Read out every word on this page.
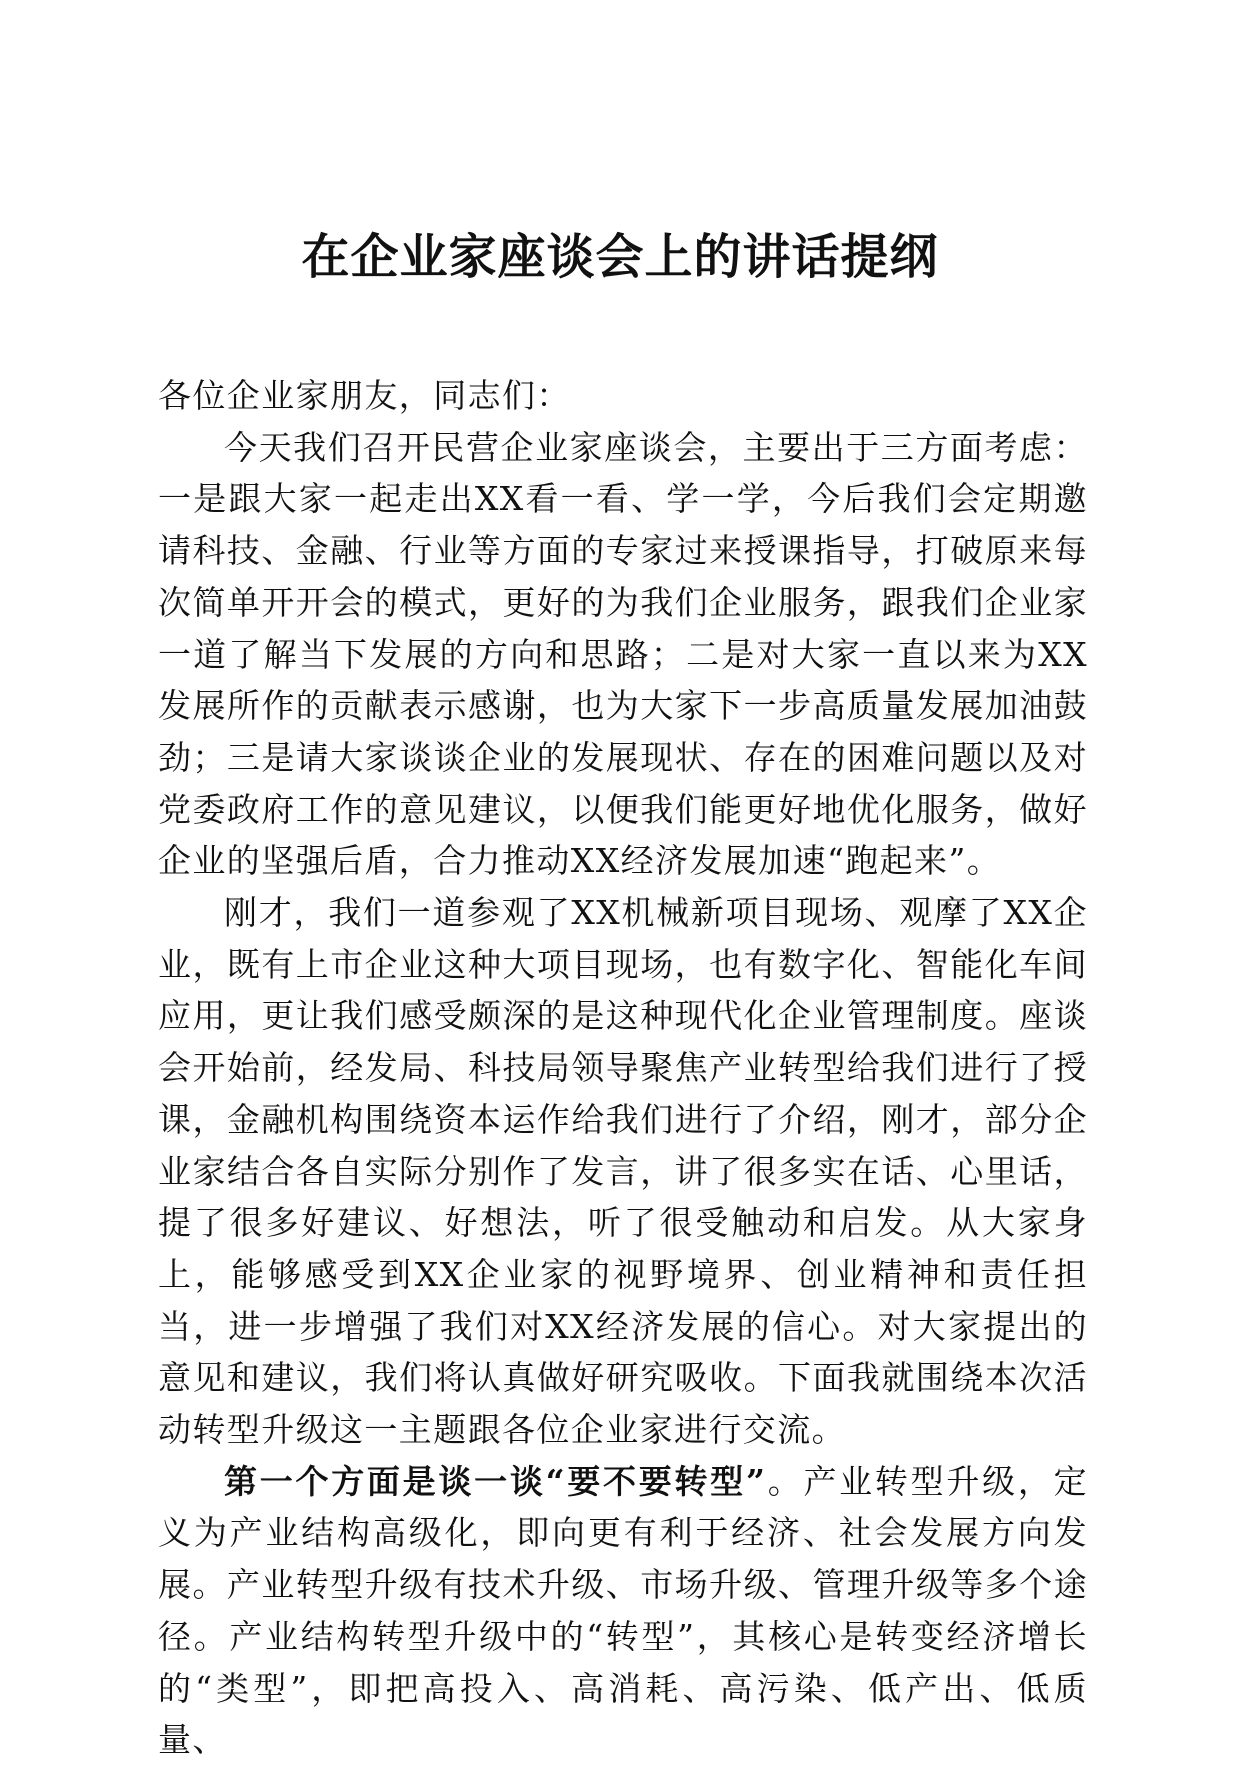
在企业家座谈会上的讲话提纲

各位企业家朋友，同志们：

今天我们召开民营企业家座谈会，主要出于三方面考虑：一是跟大家一起走出XX看一看、学一学，今后我们会定期邀请科技、金融、行业等方面的专家过来授课指导，打破原来每次简单开开会的模式，更好的为我们企业服务，跟我们企业家一道了解当下发展的方向和思路；二是对大家一直以来为XX发展所作的贡献表示感谢，也为大家下一步高质量发展加油鼓劲；三是请大家谈谈企业的发展现状、存在的困难问题以及对党委政府工作的意见建议，以便我们能更好地优化服务，做好企业的坚强后盾，合力推动XX经济发展加速“跑起来”。

刚才，我们一道参观了XX机械新项目现场、观摩了XX企业，既有上市企业这种大项目现场，也有数字化、智能化车间应用，更让我们感受颇深的是这种现代化企业管理制度。座谈会开始前，经发局、科技局领导聚焦产业转型给我们进行了授课，金融机构围绕资本运作给我们进行了介绍，刚才，部分企业家结合各自实际分别作了发言，讲了很多实在话、心里话，提了很多好建议、好想法，听了很受触动和启发。从大家身上，能够感受到XX企业家的视野境界、创业精神和责任担当，进一步增强了我们对XX经济发展的信心。对大家提出的意见和建议，我们将认真做好研究吸收。下面我就围绕本次活动转型升级这一主题跟各位企业家进行交流。

第一个方面是谈一谈“要不要转型”。产业转型升级，定义为产业结构高级化，即向更有利于经济、社会发展方向发展。产业转型升级有技术升级、市场升级、管理升级等多个途径。产业结构转型升级中的“转型”，其核心是转变经济增长的“类型”，即把高投入、高消耗、高污染、低产出、低质量、
